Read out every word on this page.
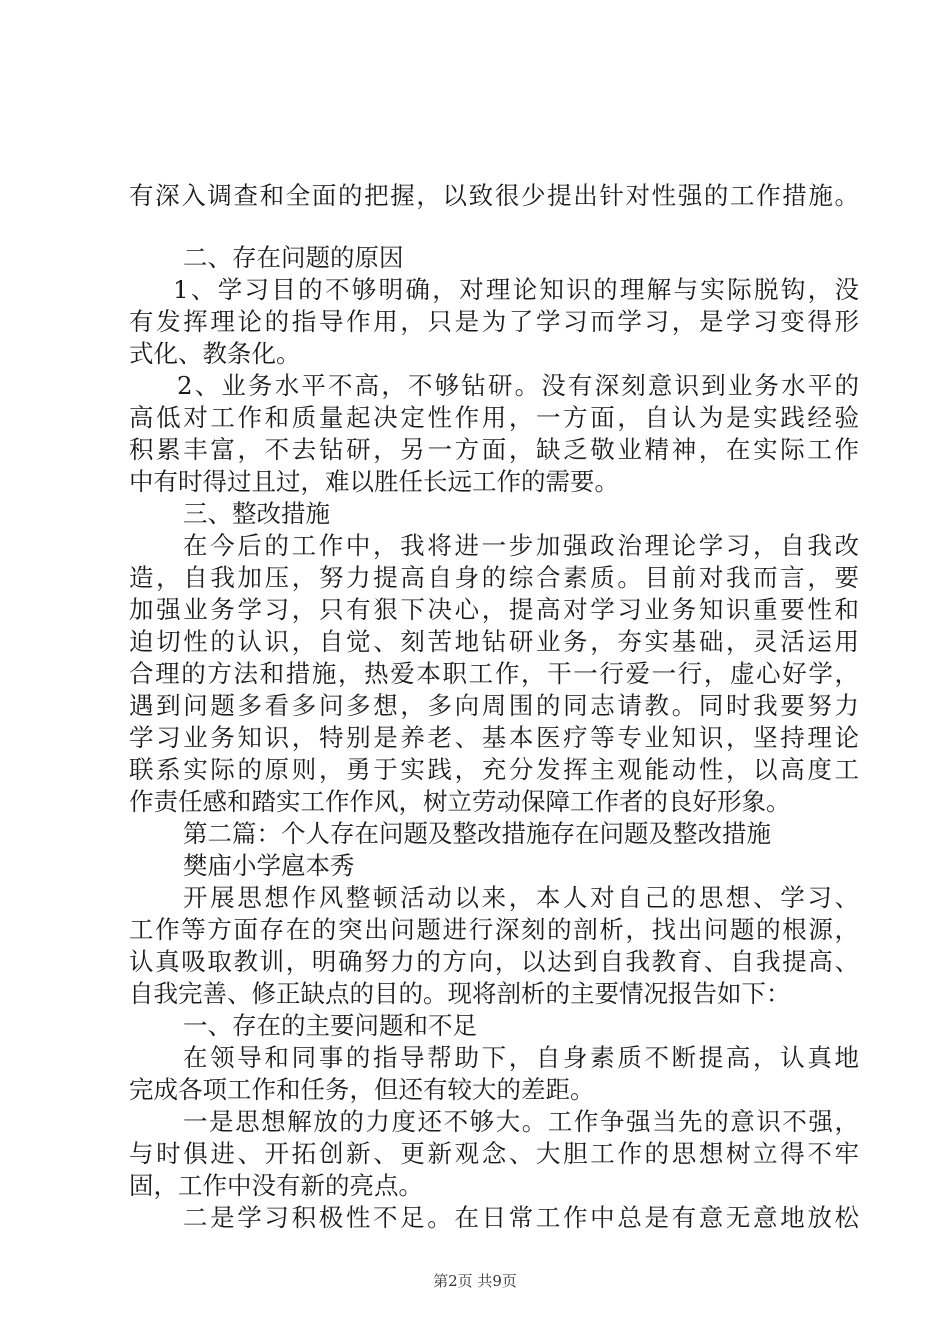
有深入调查和全面的把握，以致很少提出针对性强的工作措施。
二、存在问题的原因
1、学习目的不够明确，对理论知识的理解与实际脱钩，没
有发挥理论的指导作用，只是为了学习而学习，是学习变得形
式化、教条化。
2、业务水平不高，不够钻研。没有深刻意识到业务水平的
高低对工作和质量起决定性作用，一方面，自认为是实践经验
积累丰富，不去钻研，另一方面，缺乏敬业精神，在实际工作
中有时得过且过，难以胜任长远工作的需要。
三、整改措施
在今后的工作中，我将进一步加强政治理论学习，自我改
造，自我加压，努力提高自身的综合素质。目前对我而言，要
加强业务学习，只有狠下决心，提高对学习业务知识重要性和
迫切性的认识，自觉、刻苦地钻研业务，夯实基础，灵活运用
合理的方法和措施，热爱本职工作，干一行爱一行，虚心好学，
遇到问题多看多问多想，多向周围的同志请教。同时我要努力
学习业务知识，特别是养老、基本医疗等专业知识，坚持理论
联系实际的原则，勇于实践，充分发挥主观能动性，以高度工
作责任感和踏实工作作风，树立劳动保障工作者的良好形象。
第二篇：个人存在问题及整改措施存在问题及整改措施
樊庙小学扈本秀
开展思想作风整顿活动以来，本人对自己的思想、学习、
工作等方面存在的突出问题进行深刻的剖析，找出问题的根源，
认真吸取教训，明确努力的方向，以达到自我教育、自我提高、
自我完善、修正缺点的目的。现将剖析的主要情况报告如下：
一、存在的主要问题和不足
在领导和同事的指导帮助下，自身素质不断提高，认真地
完成各项工作和任务，但还有较大的差距。
一是思想解放的力度还不够大。工作争强当先的意识不强，
与时俱进、开拓创新、更新观念、大胆工作的思想树立得不牢
固，工作中没有新的亮点。
二是学习积极性不足。在日常工作中总是有意无意地放松
第2页 共9页
